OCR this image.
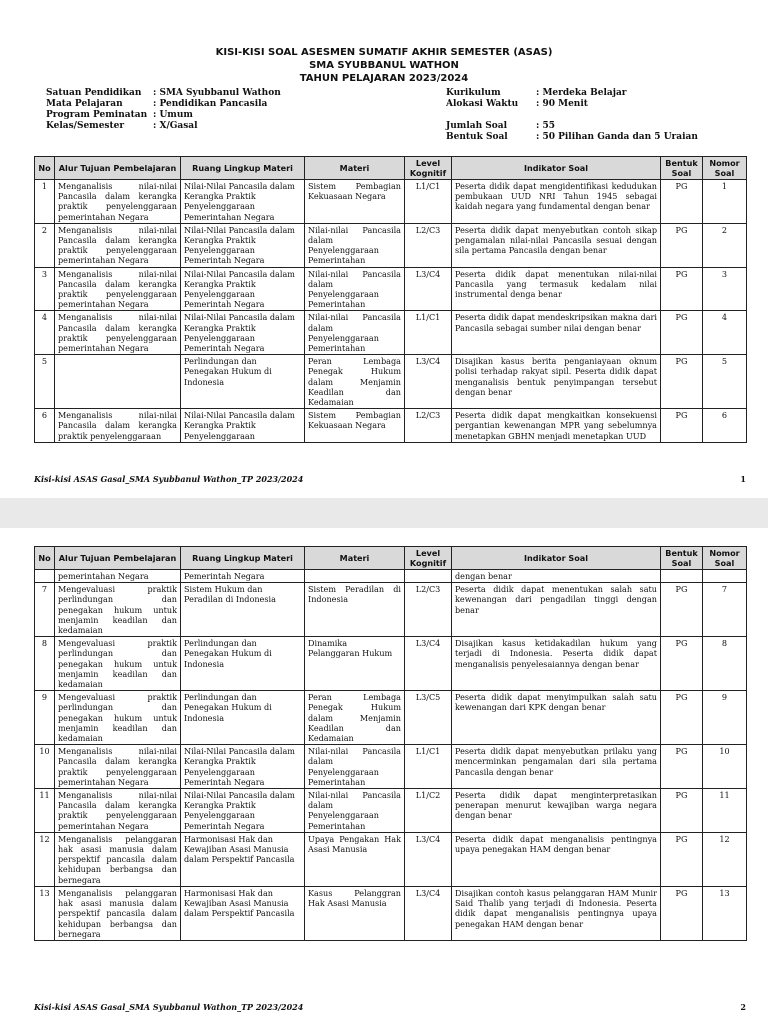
KISI-KISI SOAL ASESMEN SUMATIF AKHIR SEMESTER (ASAS)
SMA SYUBBANUL WATHON
TAHUN PELAJARAN 2023/2024
Satuan Pendidikan	: SMA Syubbanul Wathon
Mata Pelajaran	: Pendidikan Pancasila
Program Peminatan : Umum
Kelas/Semester	: X/Gasal
Kurikulum	: Merdeka Belajar
Alokasi Waktu	: 90 Menit
Jumlah Soal	: 55
Bentuk Soal	: 50 Pilihan Ganda dan 5 Uraian
No	Alur Tujuan Pembelajaran	Ruang Lingkup Materi	Materi	Level Kognitif	Indikator Soal	Bentuk Soal	Nomor Soal
1	Menganalisis nilai-nilai Pancasila dalam kerangka praktik penyelenggaraan pemerintahan Negara	Nilai-Nilai Pancasila dalam Kerangka Praktik Penyelenggaraan Pemerintahan Negara	Sistem Pembagian Kekuasaan Negara	L1/C1	Peserta didik dapat mengidentifikasi kedudukan pembukaan UUD NRI Tahun 1945 sebagai kaidah negara yang fundamental dengan benar	PG	1
2	Menganalisis nilai-nilai Pancasila dalam kerangka praktik penyelenggaraan pemerintahan Negara	Nilai-Nilai Pancasila dalam Kerangka Praktik Penyelenggaraan Pemerintah Negara	Nilai-nilai Pancasila dalam Penyelenggaraan Pemerintahan	L2/C3	Peserta didik dapat menyebutkan contoh sikap pengamalan nilai-nilai Pancasila sesuai dengan sila pertama Pancasila dengan benar	PG	2
3	Menganalisis nilai-nilai Pancasila dalam kerangka praktik penyelenggaraan pemerintahan Negara	Nilai-Nilai Pancasila dalam Kerangka Praktik Penyelenggaraan Pemerintah Negara	Nilai-nilai Pancasila dalam Penyelenggaraan Pemerintahan	L3/C4	Peserta didik dapat menentukan nilai-nilai Pancasila yang termasuk kedalam nilai instrumental denga benar	PG	3
4	Menganalisis nilai-nilai Pancasila dalam kerangka praktik penyelenggaraan pemerintahan Negara	Nilai-Nilai Pancasila dalam Kerangka Praktik Penyelenggaraan Pemerintah Negara	Nilai-nilai Pancasila dalam Penyelenggaraan Pemerintahan	L1/C1	Peserta didik dapat mendeskripsikan makna dari Pancasila sebagai sumber nilai dengan benar	PG	4
5		Perlindungan dan Penegakan Hukum di Indonesia	Peran Lembaga Penegak Hukum dalam Menjamin Keadilan dan Kedamaian	L3/C4	Disajikan kasus berita penganiayaan oknum polisi terhadap rakyat sipil. Peserta didik dapat menganalisis bentuk penyimpangan tersebut dengan benar	PG	5
6	Menganalisis nilai-nilai Pancasila dalam kerangka praktik penyelenggaraan	Nilai-Nilai Pancasila dalam Kerangka Praktik Penyelenggaraan	Sistem Pembagian Kekuasaan Negara	L2/C3	Peserta didik dapat mengkaitkan konsekuensi pergantian kewenangan MPR yang sebelumnya menetapkan GBHN menjadi menetapkan UUD	PG	6
Kisi-kisi ASAS Gasal_SMA Syubbanul Wathon_TP 2023/2024	1
No	Alur Tujuan Pembelajaran	Ruang Lingkup Materi	Materi	Level Kognitif	Indikator Soal	Bentuk Soal	Nomor Soal
	pemerintahan Negara	Pemerintah Negara			dengan benar		
7	Mengevaluasi praktik perlindungan dan penegakan hukum untuk menjamin keadilan dan kedamaian	Sistem Hukum dan Peradilan di Indonesia	Sistem Peradilan di Indonesia	L2/C3	Peserta didik dapat menentukan salah satu kewenangan dari pengadilan tinggi dengan benar	PG	7
8	Mengevaluasi praktik perlindungan dan penegakan hukum untuk menjamin keadilan dan kedamaian	Perlindungan dan Penegakan Hukum di Indonesia	Dinamika Pelanggaran Hukum	L3/C4	Disajikan kasus ketidakadilan hukum yang terjadi di Indonesia. Peserta didik dapat menganalisis penyelesaiannya dengan benar	PG	8
9	Mengevaluasi praktik perlindungan dan penegakan hukum untuk menjamin keadilan dan kedamaian	Perlindungan dan Penegakan Hukum di Indonesia	Peran Lembaga Penegak Hukum dalam Menjamin Keadilan dan Kedamaian	L3/C5	Peserta didik dapat menyimpulkan salah satu kewenangan dari KPK dengan benar	PG	9
10	Menganalisis nilai-nilai Pancasila dalam kerangka praktik penyelenggaraan pemerintahan Negara	Nilai-Nilai Pancasila dalam Kerangka Praktik Penyelenggaraan Pemerintah Negara	Nilai-nilai Pancasila dalam Penyelenggaraan Pemerintahan	L1/C1	Peserta didik dapat menyebutkan prilaku yang mencerminkan pengamalan dari sila pertama Pancasila dengan benar	PG	10
11	Menganalisis nilai-nilai Pancasila dalam kerangka praktik penyelenggaraan pemerintahan Negara	Nilai-Nilai Pancasila dalam Kerangka Praktik Penyelenggaraan Pemerintah Negara	Nilai-nilai Pancasila dalam Penyelenggaraan Pemerintahan	L1/C2	Peserta didik dapat menginterpretasikan penerapan menurut kewajiban warga negara dengan benar	PG	11
12	Menganalisis pelanggaran hak asasi manusia dalam perspektif pancasila dalam kehidupan berbangsa dan bernegara	Harmonisasi Hak dan Kewajiban Asasi Manusia dalam Perspektif Pancasila	Upaya Pengakan Hak Asasi Manusia	L3/C4	Peserta didik dapat menganalisis pentingnya upaya penegakan HAM dengan benar	PG	12
13	Menganalisis pelanggaran hak asasi manusia dalam perspektif pancasila dalam kehidupan berbangsa dan bernegara	Harmonisasi Hak dan Kewajiban Asasi Manusia dalam Perspektif Pancasila	Kasus Pelanggran Hak Asasi Manusia	L3/C4	Disajikan contoh kasus pelanggaran HAM Munir Said Thalib yang terjadi di Indonesia. Peserta didik dapat menganalisis pentingnya upaya penegakan HAM dengan benar	PG	13
Kisi-kisi ASAS Gasal_SMA Syubbanul Wathon_TP 2023/2024	2
